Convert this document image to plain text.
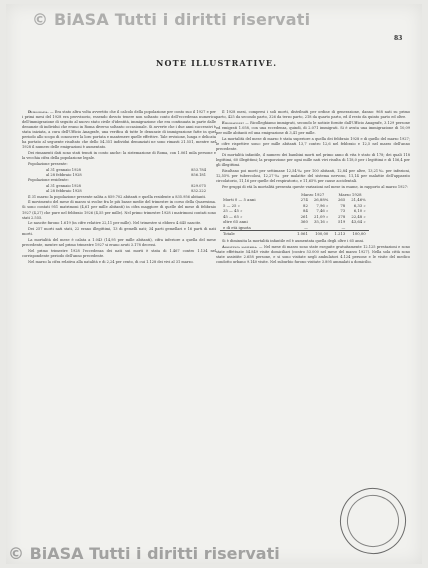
© BiASA Tutti i diritti riservati
83
NOTE ILLUSTRATIVE.

Demografia. — Era stato altra volta avvertito che il calcolo della popolazione per conto suo il 1927 e per i primi mesi del 1928 era provvisorio, essendo dovuto tenere non soltanto conto dell'eccedenza numerica dell'immigrazione di seguito al nuovo stato civile d'identità, immigrazione che era continuata in parte dalle denunzie di individui che erano in Roma diverso soltanto occasionale. Si avverte che i due anni successivi è stata iniziata, a cura dell'Ufficio Anagrafe, una verifica di tutte le denunzie di immigrazione fatte in quel periodo allo scopo di conoscere la loro portata e mantenere quelle effettive. Tale revisione, lunga e delicata ha portato al seguente risultato che dello 54.351 individui denunziati ne sono rimasti 21.551, mentre nel 1928 il numero delle emigrazioni è aumentato.

Dei rimanenti dati sono stati tenuti in conto anche: la sistemazione di Roma, con 1.061 mila persone e la vecchia cifra della popolazione legale.

Popolazione presente:

al 31 gennaio 1928	853.784
al 28 febbraio 1928	856.181

Popolazione residente:

al 31 gennaio 1928	829.075
al 28 febbraio 1928	832.222

Il 31 marzo la popolazione presente salita a 859.702 abitanti e quella residente a 835.956 abitanti.

Il movimento del mese di marzo si svolse fra le più basse medie del trimestre in corso della Quaresima. Si sono contati 951 matrimoni (4,61 per mille abitanti) in cifra maggiore di quelle del mese di febbraio 1927 (4,27) che pure nel febbraio 1926 (4,55 per mille). Nel primo trimestre 1928 i matrimoni contati sono stati 2.555.

Le nascite furono 1.619 (in cifre relative 22,11 per mille). Nel trimestre si ebbero 4.645 nascite.

Dei 257 morti nati stati, 22 erano illegittimi, 13 di gemelli nati; 34 parti gemellari e 16 parti di nati morti.

La mortalità del mese è calata a 1.043 (14,95 per mille abitanti), cifra inferiore a quella del mese precedente, mentre nel primo trimestre 1927 si erano avuti 3.178 decessi.

Nel primo trimestre 1928 l'eccedenza dei nati sui morti è stata di 1.467 contro 1.134 nel corrispondente periodo dell'anno precedente.

Nel marzo la cifra relativa alla natalità e di 2,24 per cento, di cui 1.128 dei vivi al 31 marzo.

Il 1928 mesi, compresi i soli morti, distribuiti per ordine di generazione, danno: 968 nati su primo parto, 425 da secondo parto, 326 da terzo parto, 218 da quarto parto, ed il resto da quinto parto ed oltre.

Emigrazione: — Ricolleghiamo immigrati, secondo le notizie fornite dall'Ufficio Anagrafe, 3.129 persone ed emigrati 1.058, con una eccedenza, quindi, di 2.071 immigrati. Si è avuta una immigrazione di 10,09 per mille abitanti ed una emigrazione di 3,41 per mille.

La mortalità del mese di marzo è stata superiore a quella dei febbraio 1928 e di quello del marzo 1927; le cifre rispettive sono: per mille abitanti 13,7 contro 12,6 nel febbraio e 12,5 nel marzo dell'anno precedente.

Di mortalità infantile, il numero dei bambini morti nel primo anno di vita è stato di 178; dei quali 118 legittimi, 60 illegittimi; la proporzione per ogni mille nati vivi risulta di 118,0 per i legittimi e di 156,4 per gli illegittimi.

Risultano poi morti per settimane 12,54‰ per 100 abitanti, 12,84 per altre, 13,21‰ per infezioni, 12,55% per tubercolosi, 12,27‰ per malattie del sistema nervoso, 11,14 per malattie dell'apparato circolatorio, 11,16 per quelle del respiratorio, e 11,65% per cause accidentali.

Per gruppi di età la mortalità presenta queste variazioni nel mese in esame, in rapporto al marzo 1927:

	Marzo 1927		Marzo 1928	
Morti 0 — 5 anni	274	26,88%	265	21,46%
5 — 25 »	82	7,96 »	78	6,33 »
25 — 45 »	84	7,46 »	73	6,10 »
45 — 65 »	261	21,09 »	278	22,48 »
oltre 65 anni	360	35,16 »	519	43,64 »
e di età ignota	—		—	
Totale	1.061	100,00	1.213	100,00

Si è diminuita la mortalità infantile ed è aumentata quella degli oltre i 65 anni.

Assistenza sanitaria. — Nel mese di marzo sono state eseguite gratuitamente 12.125 prestazioni e sono state effettuate 54.849 visite domiciliari (contro 53.000 nel mese del marzo 1927). Nella sola città sono state assistite 2.658 persone, e si sono visitate negli ambulatori 4.124 persone e le visite del medico condotto urbano 9.140 visite. Nel suburbio furono visitate 3.895 ammalati a domicilio.

© BiASA Tutti i diritti riservati
